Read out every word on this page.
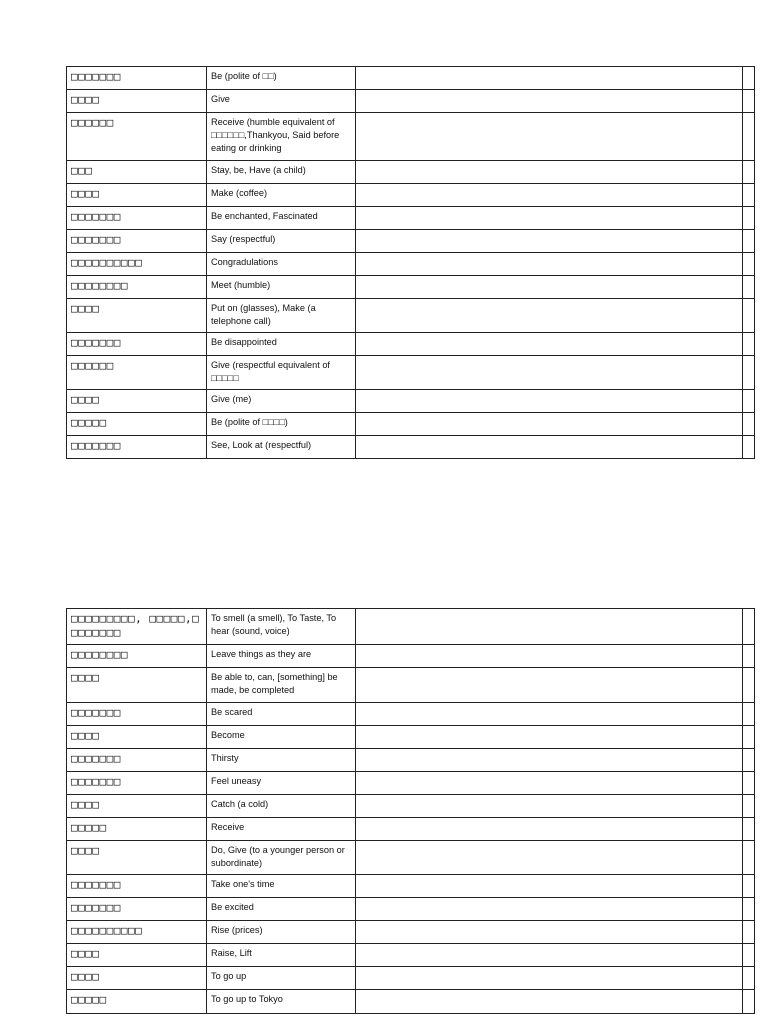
□□□□□□□	Be (polite of □□)		
□□□□	Give		
□□□□□□	Receive (humble equivalent of □□□□□□,Thankyou, Said before eating or drinking		
□□□	Stay, be, Have (a child)		
□□□□	Make (coffee)		
□□□□□□□	Be enchanted, Fascinated		
□□□□□□□	Say (respectful)		
□□□□□□□□□□	Congradulations		
□□□□□□□□	Meet (humble)		
□□□□	Put on (glasses), Make (a telephone call)		
□□□□□□□	Be disappointed		
□□□□□□	Give (respectful equivalent of □□□□□		
□□□□	Give (me)		
□□□□□	Be (polite of □□□□)		
□□□□□□□	See, Look at (respectful)		
□□□□□□□□□, □□□□□,□□□□□□□□	To smell (a smell), To Taste, To hear (sound, voice)		
□□□□□□□□	Leave things as they are		
□□□□	Be able to, can, [something] be made, be completed		
□□□□□□□	Be scared		
□□□□	Become		
□□□□□□□	Thirsty		
□□□□□□□	Feel uneasy		
□□□□	Catch (a cold)		
□□□□□	Receive		
□□□□	Do, Give (to a younger person or subordinate)		
□□□□□□□	Take one's time		
□□□□□□□	Be excited		
□□□□□□□□□□	Rise (prices)		
□□□□	Raise, Lift		
□□□□	To go up		
□□□□□	To go up to Tokyo		
